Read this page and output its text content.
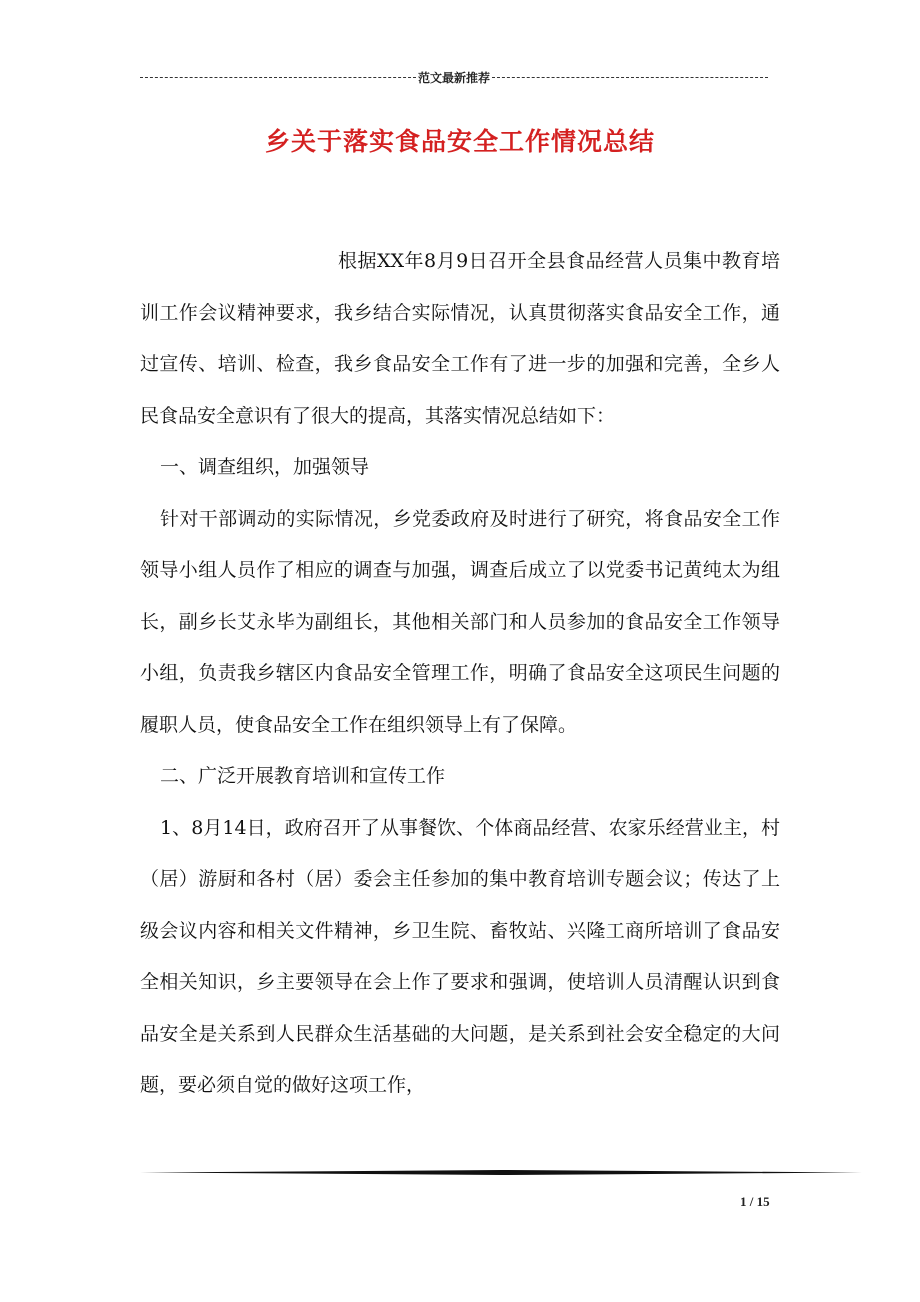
范文最新推荐
乡关于落实食品安全工作情况总结

根据XX年8月9日召开全县食品经营人员集中教育培训工作会议精神要求，我乡结合实际情况，认真贯彻落实食品安全工作，通过宣传、培训、检查，我乡食品安全工作有了进一步的加强和完善，全乡人民食品安全意识有了很大的提高，其落实情况总结如下：

一、调查组织，加强领导

针对干部调动的实际情况，乡党委政府及时进行了研究，将食品安全工作领导小组人员作了相应的调查与加强，调查后成立了以党委书记黄纯太为组长，副乡长艾永毕为副组长，其他相关部门和人员参加的食品安全工作领导小组，负责我乡辖区内食品安全管理工作，明确了食品安全这项民生问题的履职人员，使食品安全工作在组织领导上有了保障。

二、广泛开展教育培训和宣传工作

1、8月14日，政府召开了从事餐饮、个体商品经营、农家乐经营业主，村（居）游厨和各村（居）委会主任参加的集中教育培训专题会议；传达了上级会议内容和相关文件精神，乡卫生院、畜牧站、兴隆工商所培训了食品安全相关知识，乡主要领导在会上作了要求和强调，使培训人员清醒认识到食品安全是关系到人民群众生活基础的大问题，是关系到社会安全稳定的大问题，要必须自觉的做好这项工作，

1 / 15
